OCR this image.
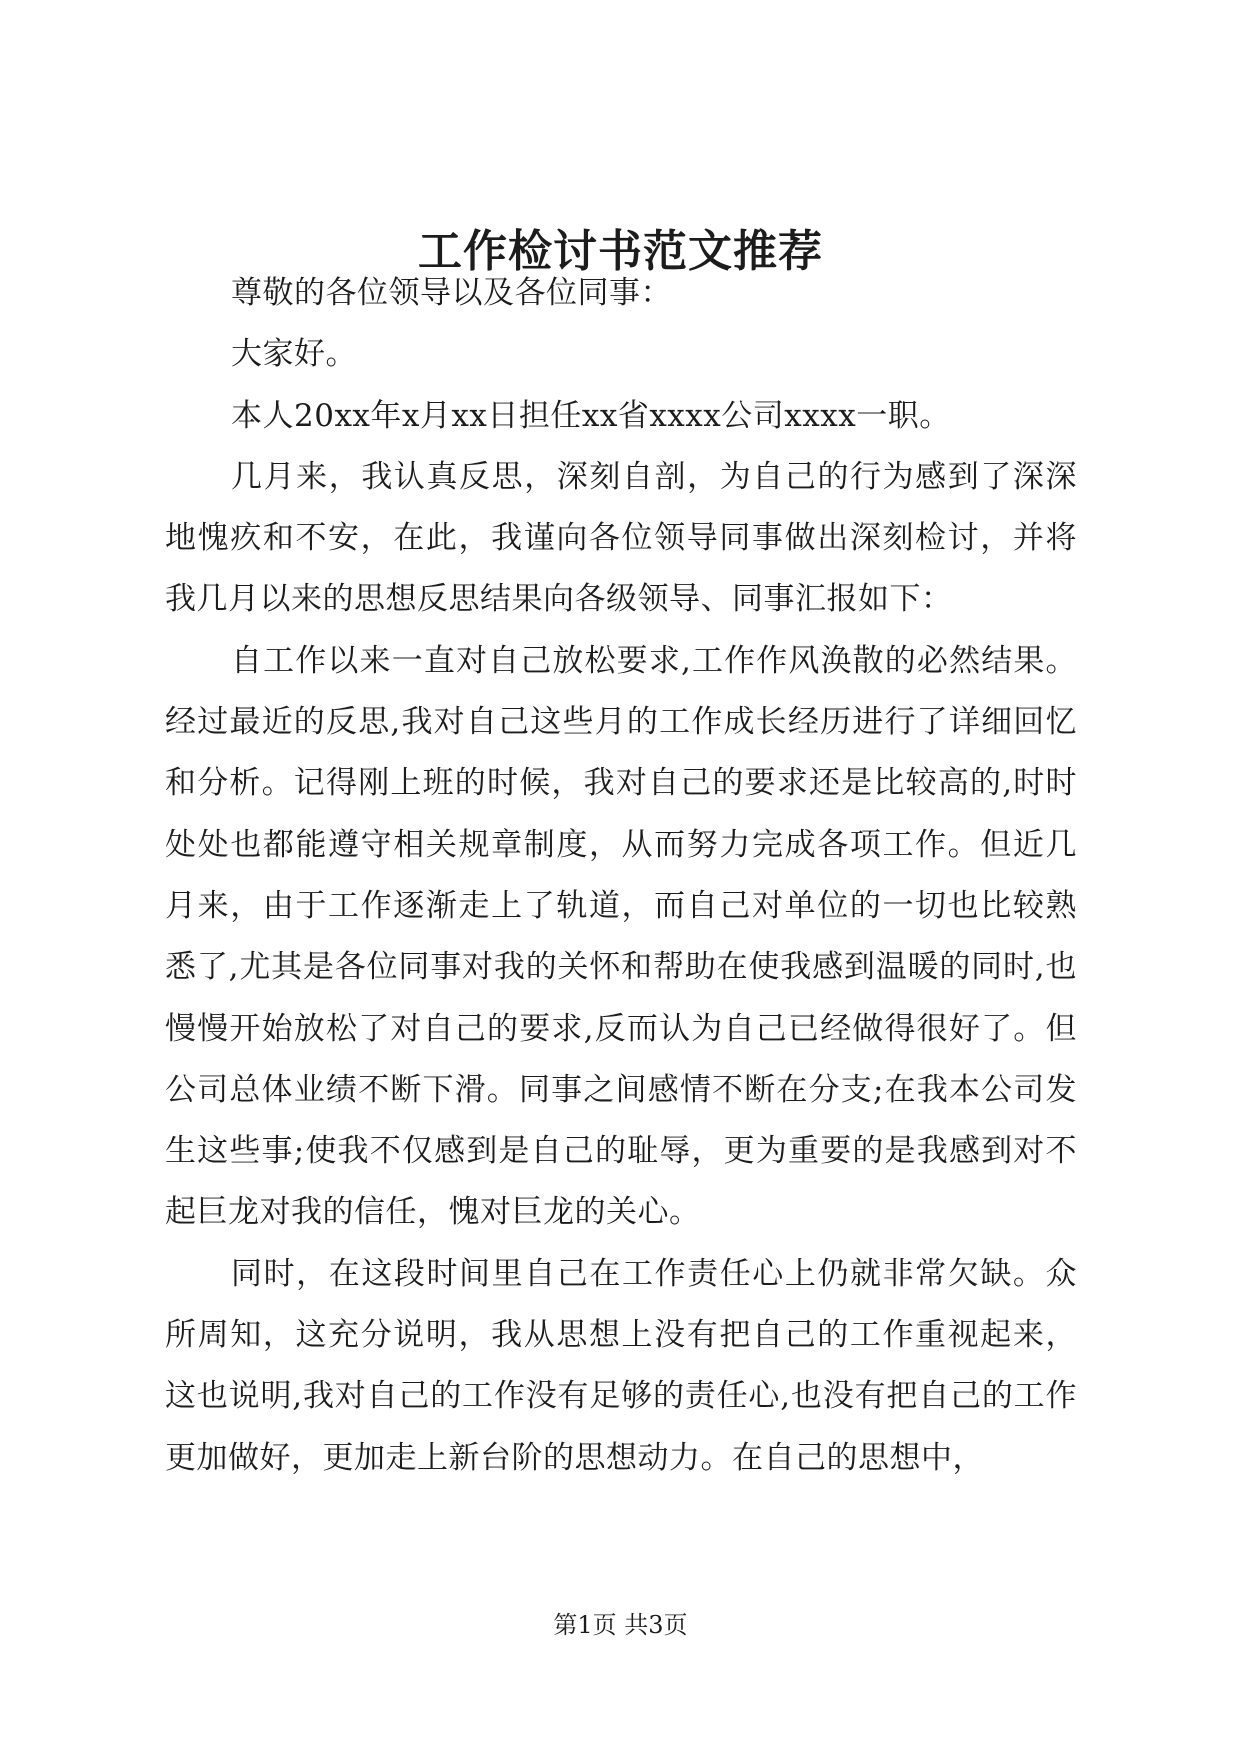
工作检讨书范文推荐

尊敬的各位领导以及各位同事：

大家好。

本人20xx年x月xx日担任xx省xxxx公司xxxx一职。

几月来，我认真反思，深刻自剖，为自己的行为感到了深深地愧疚和不安，在此，我谨向各位领导同事做出深刻检讨，并将我几月以来的思想反思结果向各级领导、同事汇报如下：

自工作以来一直对自己放松要求,工作作风涣散的必然结果。经过最近的反思,我对自己这些月的工作成长经历进行了详细回忆和分析。记得刚上班的时候，我对自己的要求还是比较高的,时时处处也都能遵守相关规章制度，从而努力完成各项工作。但近几月来，由于工作逐渐走上了轨道，而自己对单位的一切也比较熟悉了,尤其是各位同事对我的关怀和帮助在使我感到温暖的同时,也慢慢开始放松了对自己的要求,反而认为自己已经做得很好了。但公司总体业绩不断下滑。同事之间感情不断在分支;在我本公司发生这些事;使我不仅感到是自己的耻辱，更为重要的是我感到对不起巨龙对我的信任，愧对巨龙的关心。

同时，在这段时间里自己在工作责任心上仍就非常欠缺。众所周知，这充分说明，我从思想上没有把自己的工作重视起来，这也说明,我对自己的工作没有足够的责任心,也没有把自己的工作更加做好，更加走上新台阶的思想动力。在自己的思想中，

第1页 共3页
